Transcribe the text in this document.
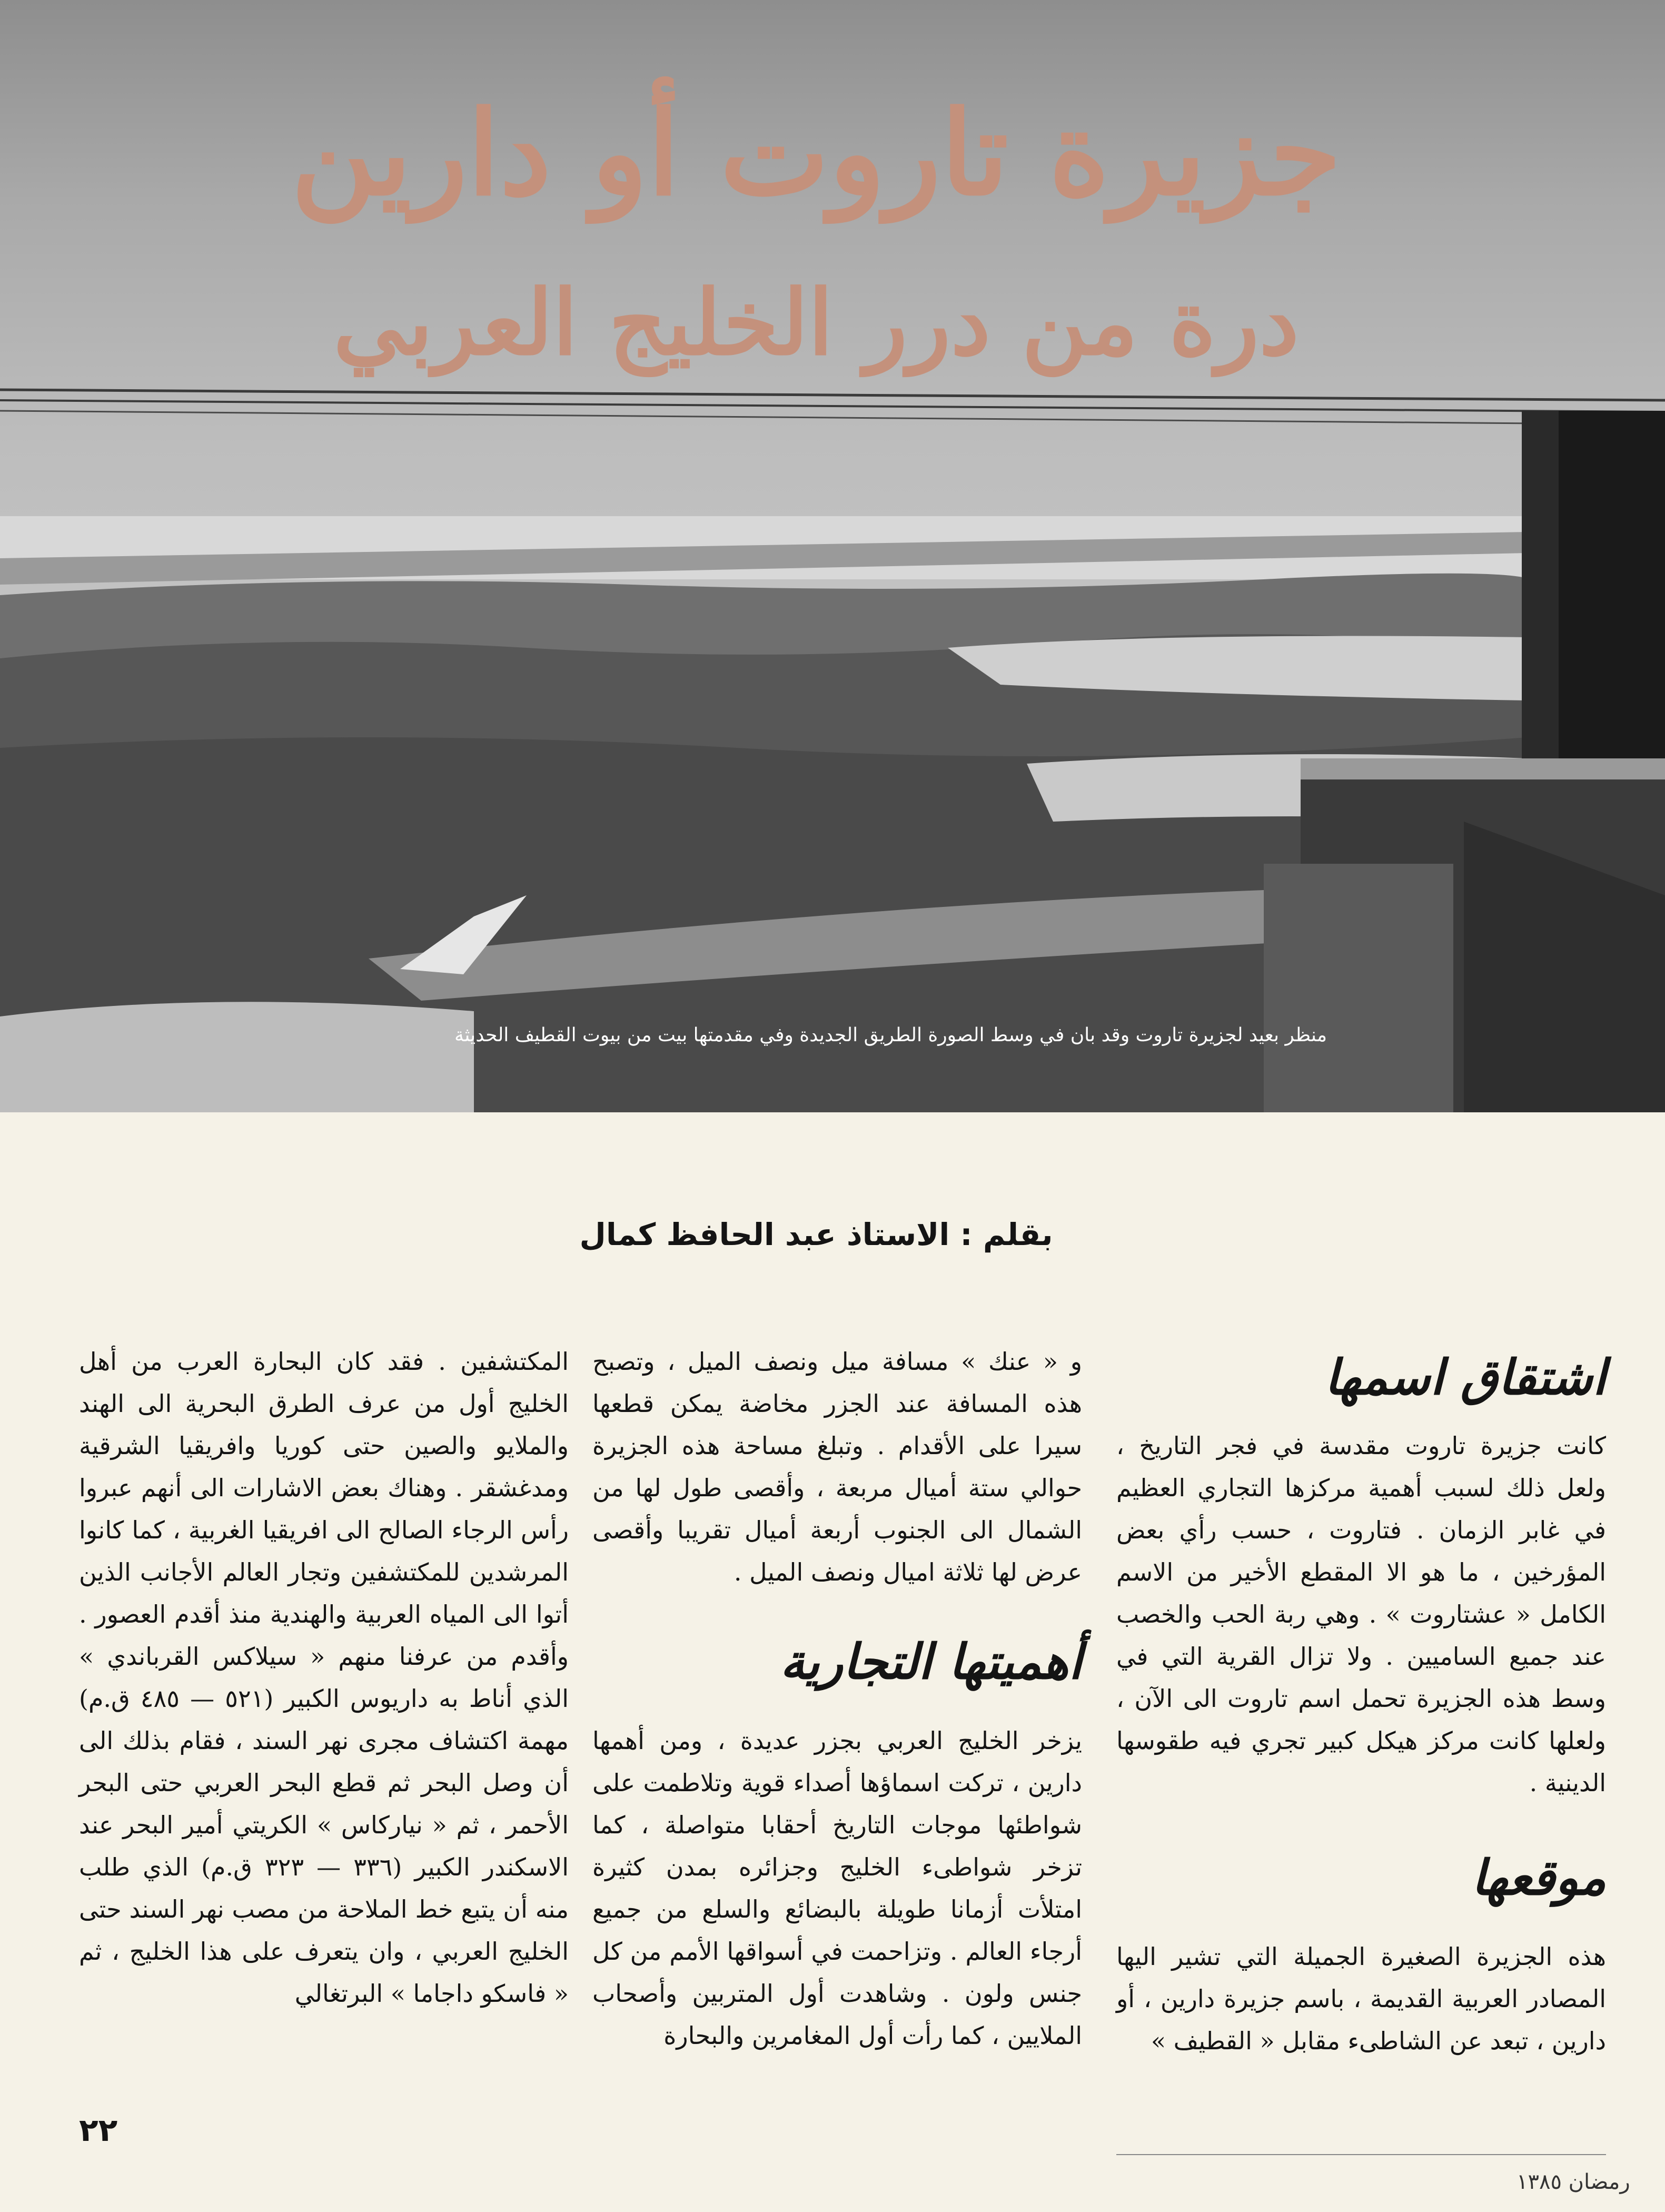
جزيرة تاروت أو دارين
درة من درر الخليج العربي
منظر بعيد لجزيرة تاروت وقد بان في وسط الصورة الطريق الجديدة وفي مقدمتها بيت من بيوت القطيف الحديثة
بقلم : الاستاذ عبد الحافظ كمال
اشتقاق اسمها

كانت جزيرة تاروت مقدسة في فجر التاريخ ، ولعل ذلك لسبب أهمية مركزها التجاري العظيم في غابر الزمان . فتاروت ، حسب رأي بعض المؤرخين ، ما هو الا المقطع الأخير من الاسم الكامل « عشتاروت » . وهي ربة الحب والخصب عند جميع الساميين . ولا تزال القرية التي في وسط هذه الجزيرة تحمل اسم تاروت الى الآن ، ولعلها كانت مركز هيكل كبير تجري فيه طقوسها الدينية .

موقعها

هذه الجزيرة الصغيرة الجميلة التي تشير اليها المصادر العربية القديمة ، باسم جزيرة دارين ، أو دارين ، تبعد عن الشاطىء مقابل « القطيف »

و « عنك » مسافة ميل ونصف الميل ، وتصبح هذه المسافة عند الجزر مخاضة يمكن قطعها سيرا على الأقدام . وتبلغ مساحة هذه الجزيرة حوالي ستة أميال مربعة ، وأقصى طول لها من الشمال الى الجنوب أربعة أميال تقريبا وأقصى عرض لها ثلاثة اميال ونصف الميل .

أهميتها التجارية

يزخر الخليج العربي بجزر عديدة ، ومن أهمها دارين ، تركت اسماؤها أصداء قوية وتلاطمت على شواطئها موجات التاريخ أحقابا متواصلة ، كما تزخر شواطىء الخليج وجزائره بمدن كثيرة امتلأت أزمانا طويلة بالبضائع والسلع من جميع أرجاء العالم . وتزاحمت في أسواقها الأمم من كل جنس ولون . وشاهدت أول المتربين وأصحاب الملايين ، كما رأت أول المغامرين والبحارة

المكتشفين . فقد كان البحارة العرب من أهل الخليج أول من عرف الطرق البحرية الى الهند والملايو والصين حتى كوريا وافريقيا الشرقية ومدغشقر . وهناك بعض الاشارات الى أنهم عبروا رأس الرجاء الصالح الى افريقيا الغربية ، كما كانوا المرشدين للمكتشفين وتجار العالم الأجانب الذين أتوا الى المياه العربية والهندية منذ أقدم العصور . وأقدم من عرفنا منهم « سيلاكس القرباندي » الذي أناط به داريوس الكبير (٥٢١ — ٤٨٥ ق.م) مهمة اكتشاف مجرى نهر السند ، فقام بذلك الى أن وصل البحر ثم قطع البحر العربي حتى البحر الأحمر ، ثم « نياركاس » الكريتي أمير البحر عند الاسكندر الكبير (٣٣٦ — ٣٢٣ ق.م) الذي طلب منه أن يتبع خط الملاحة من مصب نهر السند حتى الخليج العربي ، وان يتعرف على هذا الخليج ، ثم « فاسكو داجاما » البرتغالي

٢٢
رمضان ١٣٨٥
